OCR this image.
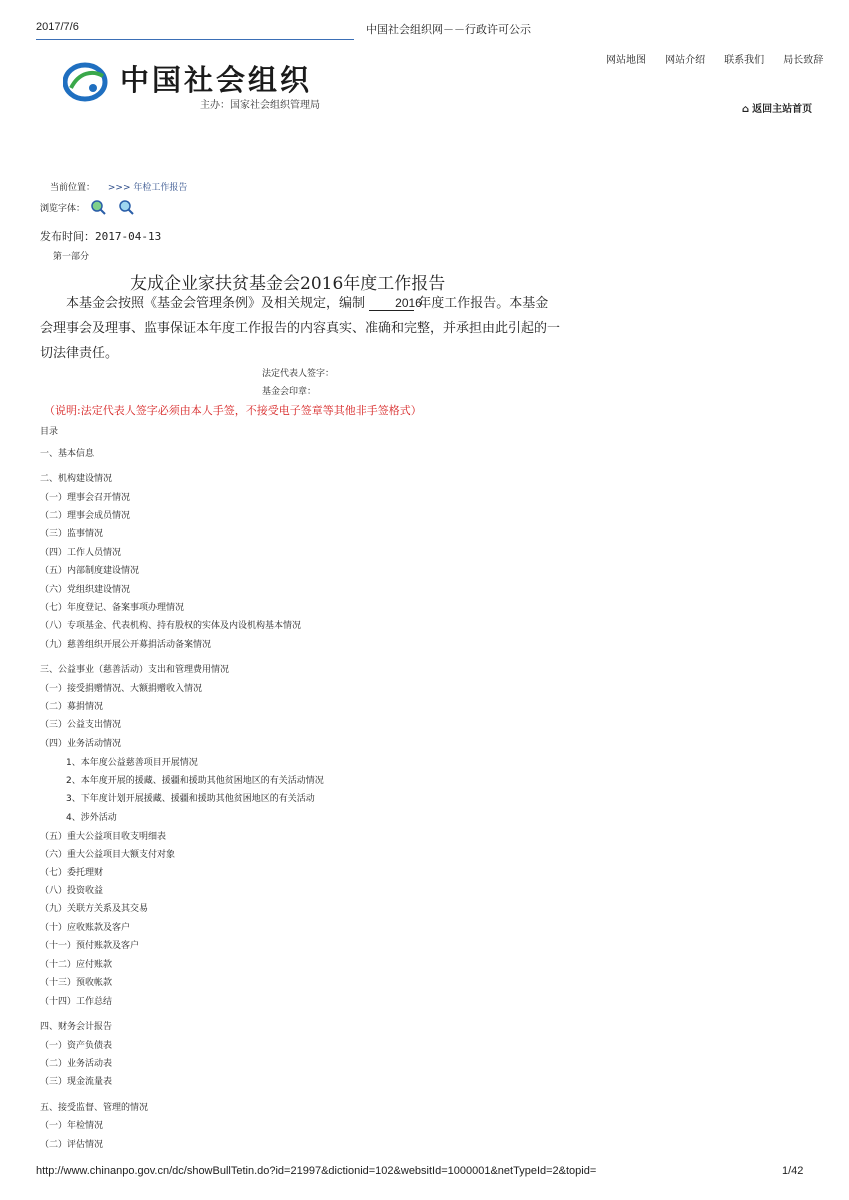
2017/7/6	中国社会组织网－－行政许可公示
网站地图 网站介绍 联系我们 局长致辞
中国社会组织
主办：国家社会组织管理局	⌂ 返回主站首页
当前位置： >>> 年检工作报告
浏览字体：
发布时间：2017-04-13
第一部分
友成企业家扶贫基金会2016年度工作报告
本基金会按照《基金会管理条例》及相关规定，编制	2016 年度工作报告。本基金会理事会及理事、监事保证本年度工作报告的内容真实、准确和完整，并承担由此引起的一切法律责任。
法定代表人签字：
基金会印章：
（说明:法定代表人签字必须由本人手签，不接受电子签章等其他非手签格式）
目录
一、基本信息
二、机构建设情况
（一）理事会召开情况
（二）理事会成员情况
（三）监事情况
（四）工作人员情况
（五）内部制度建设情况
（六）党组织建设情况
（七）年度登记、备案事项办理情况
（八）专项基金、代表机构、持有股权的实体及内设机构基本情况
（九）慈善组织开展公开募捐活动备案情况
三、公益事业（慈善活动）支出和管理费用情况
（一）接受捐赠情况、大额捐赠收入情况
（二）募捐情况
（三）公益支出情况
（四）业务活动情况
1、本年度公益慈善项目开展情况
2、本年度开展的援藏、援疆和援助其他贫困地区的有关活动情况
3、下年度计划开展援藏、援疆和援助其他贫困地区的有关活动
4、涉外活动
（五）重大公益项目收支明细表
（六）重大公益项目大额支付对象
（七）委托理财
（八）投资收益
（九）关联方关系及其交易
（十）应收账款及客户
（十一）预付账款及客户
（十二）应付账款
（十三）预收帐款
（十四）工作总结
四、财务会计报告
（一）资产负债表
（二）业务活动表
（三）现金流量表
五、接受监督、管理的情况
（一）年检情况
（二）评估情况
http://www.chinanpo.gov.cn/dc/showBullTetin.do?id=21997&dictionid=102&websitId=1000001&netTypeId=2&topid=	1/42
